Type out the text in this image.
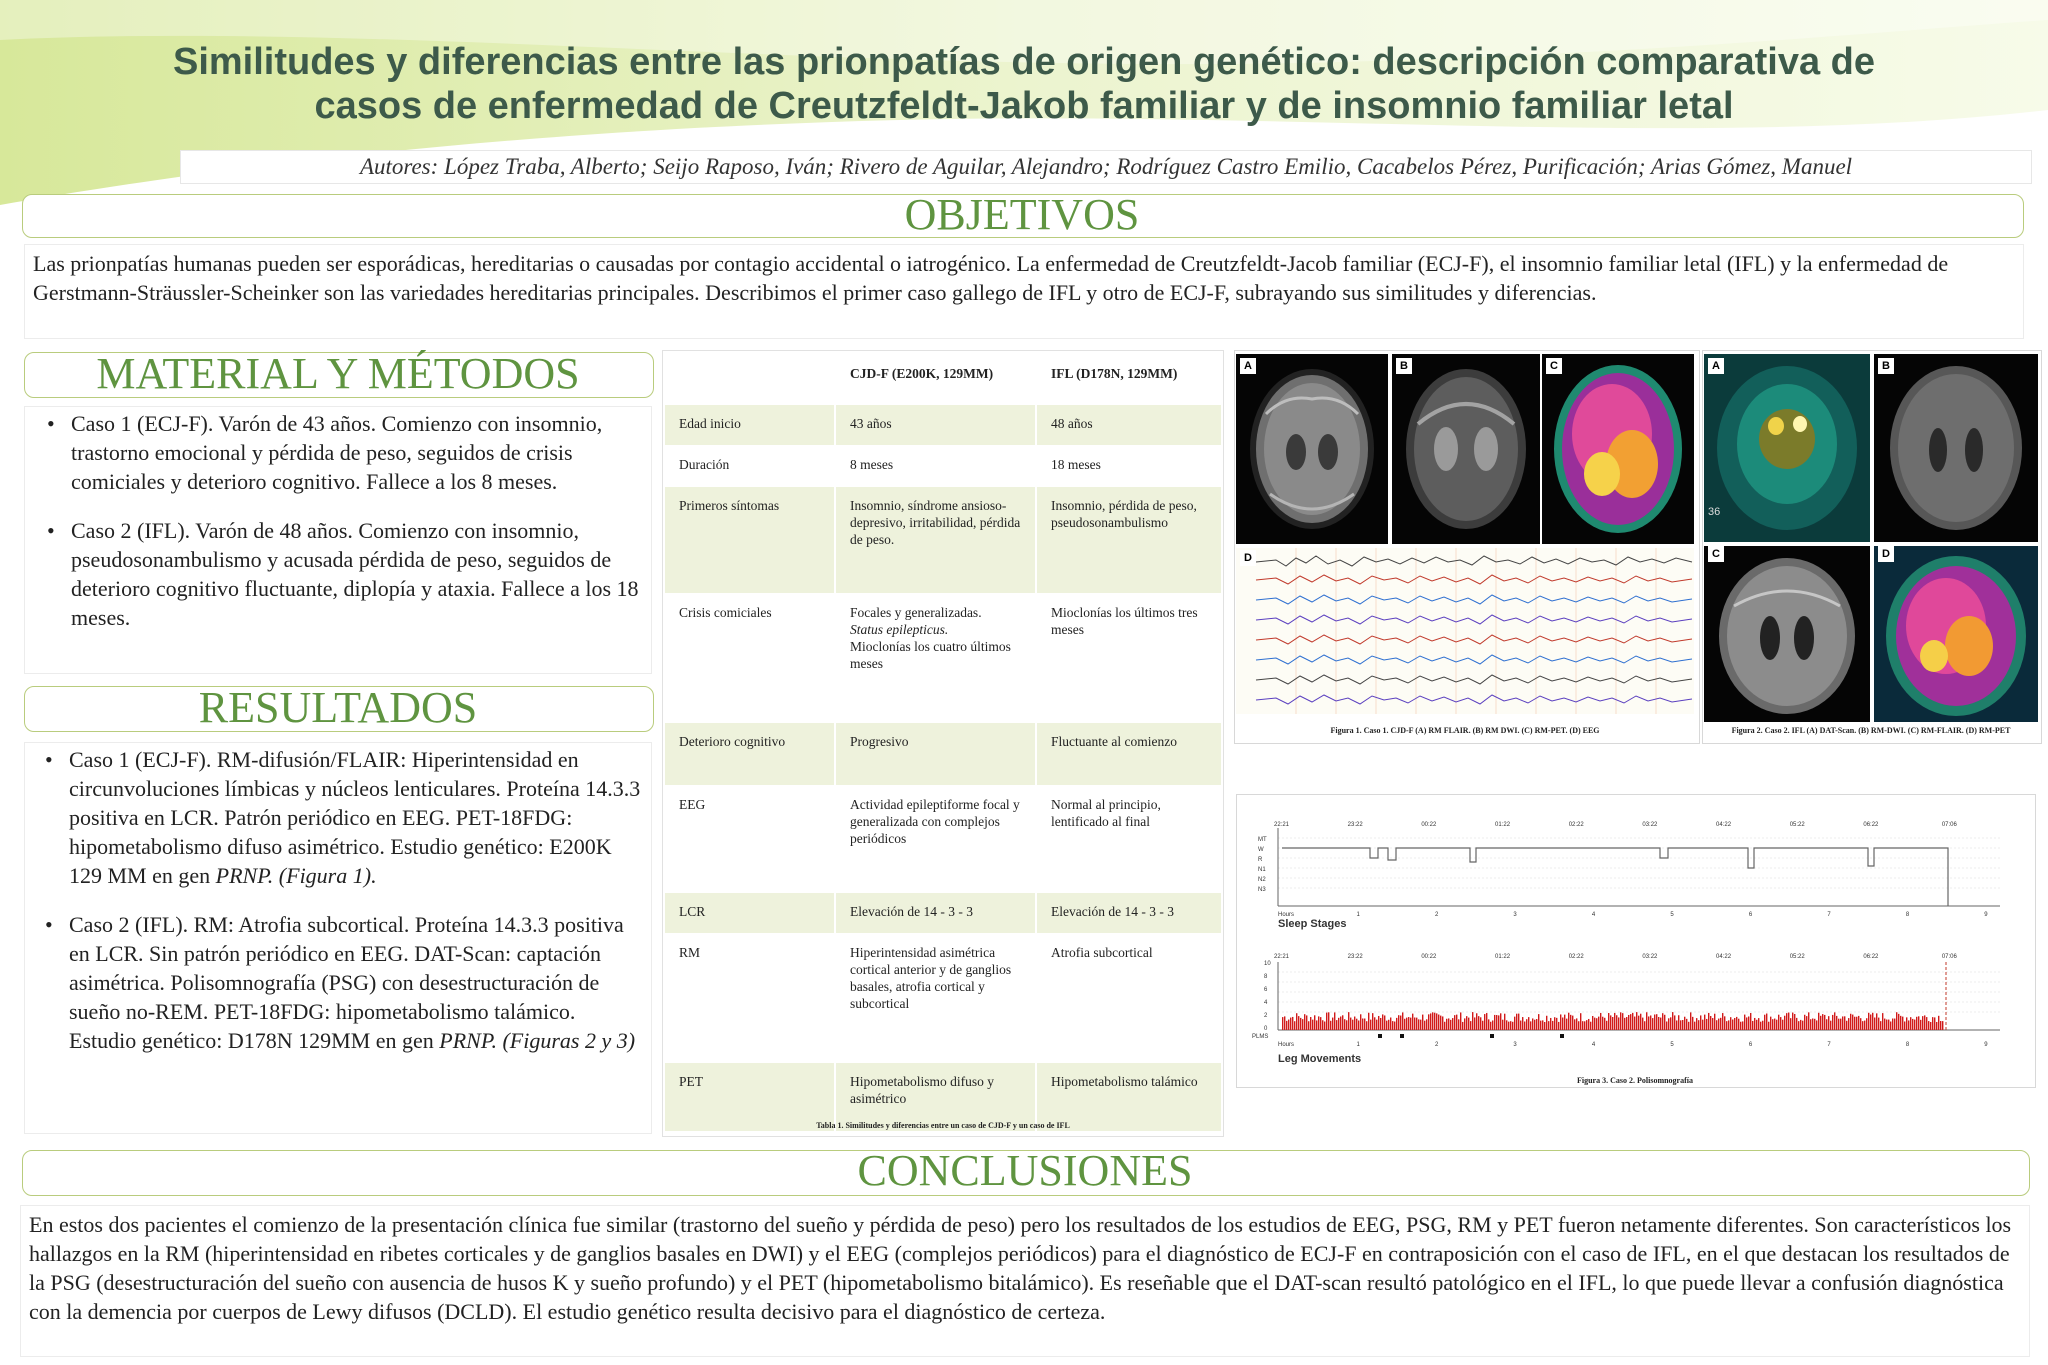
Similitudes y diferencias entre las prionpatías de origen genético: descripción comparativa de
casos de enfermedad de Creutzfeldt-Jakob familiar y de insomnio familiar letal
Autores: López Traba, Alberto; Seijo Raposo, Iván; Rivero de Aguilar, Alejandro; Rodríguez Castro Emilio, Cacabelos Pérez, Purificación; Arias Gómez, Manuel
OBJETIVOS
Las prionpatías humanas pueden ser esporádicas, hereditarias o causadas por contagio accidental o iatrogénico. La enfermedad de Creutzfeldt-Jacob familiar (ECJ-F), el insomnio familiar letal (IFL) y la enfermedad de Gerstmann-Sträussler-Scheinker son las variedades hereditarias principales. Describimos el primer caso gallego de IFL y otro de ECJ-F, subrayando sus similitudes y diferencias.
MATERIAL Y MÉTODOS
• Caso 1 (ECJ-F). Varón de 43 años. Comienzo con insomnio, trastorno emocional y pérdida de peso, seguidos de crisis comiciales y deterioro cognitivo. Fallece a los 8 meses.
• Caso 2 (IFL). Varón de 48 años. Comienzo con insomnio, pseudosonambulismo y acusada pérdida de peso, seguidos de deterioro cognitivo fluctuante, diplopía y ataxia. Fallece a los 18 meses.
RESULTADOS
• Caso 1 (ECJ-F). RM-difusión/FLAIR: Hiperintensidad en circunvoluciones límbicas y núcleos lenticulares. Proteína 14.3.3 positiva en LCR. Patrón periódico en EEG. PET-18FDG: hipometabolismo difuso asimétrico. Estudio genético: E200K 129 MM en gen PRNP. (Figura 1).
• Caso 2 (IFL). RM: Atrofia subcortical. Proteína 14.3.3 positiva en LCR. Sin patrón periódico en EEG. DAT-Scan: captación asimétrica. Polisomnografía (PSG) con desestructuración de sueño no-REM. PET-18FDG: hipometabolismo talámico. Estudio genético: D178N 129MM en gen PRNP. (Figuras 2 y 3)
	CJD-F (E200K, 129MM)	IFL (D178N, 129MM)
Edad inicio	43 años	48 años
Duración	8 meses	18 meses
Primeros síntomas	Insomnio, síndrome ansioso-depresivo, irritabilidad, pérdida de peso.	Insomnio, pérdida de peso, pseudosonambulismo
Crisis comiciales	Focales y generalizadas.
Status epilepticus.
Mioclonías los cuatro últimos meses	Mioclonías los últimos tres meses
Deterioro cognitivo	Progresivo	Fluctuante al comienzo
EEG	Actividad epileptiforme focal y generalizada con complejos periódicos	Normal al principio, lentificado al final
LCR	Elevación de 14 - 3 - 3	Elevación de 14 - 3 - 3
RM	Hiperintensidad asimétrica cortical anterior y de ganglios basales, atrofia cortical y subcortical	Atrofia subcortical
PET	Hipometabolismo difuso y asimétrico	Hipometabolismo talámico
Tabla 1. Similitudes y diferencias entre un caso de CJD-F y un caso de IFL
A	B	C
D
Figura 1. Caso 1. CJD-F (A) RM FLAIR. (B) RM DWI. (C) RM-PET. (D) EEG
A	B
C	D
36
Figura 2. Caso 2. IFL (A) DAT-Scan. (B) RM-DWI. (C) RM-FLAIR. (D) RM-PET
22:21	23:22	00:22	01:22	02:22	03:22	04:22	05:22	06:22	07:06
MT
W
R
N1
N2
N3
Hours	1	2	3	4	5	6	7	8	9
Sleep Stages
22:21	23:22	00:22	01:22	02:22	03:22	04:22	05:22	06:22	07:06
10
8
6
4
2
0
PLMS
Hours	1	2	3	4	5	6	7	8	9
Leg Movements
Figura 3. Caso 2. Polisomnografía
CONCLUSIONES
En estos dos pacientes el comienzo de la presentación clínica fue similar (trastorno del sueño y pérdida de peso) pero los resultados de los estudios de EEG, PSG, RM y PET fueron netamente diferentes. Son característicos los hallazgos en la RM (hiperintensidad en ribetes corticales y de ganglios basales en DWI) y el EEG (complejos periódicos) para el diagnóstico de ECJ-F en contraposición con el caso de IFL, en el que destacan los resultados de la PSG (desestructuración del sueño con ausencia de husos K y sueño profundo) y el PET (hipometabolismo bitalámico). Es reseñable que el DAT-scan resultó patológico en el IFL, lo que puede llevar a confusión diagnóstica con la demencia por cuerpos de Lewy difusos (DCLD). El estudio genético resulta decisivo para el diagnóstico de certeza.
